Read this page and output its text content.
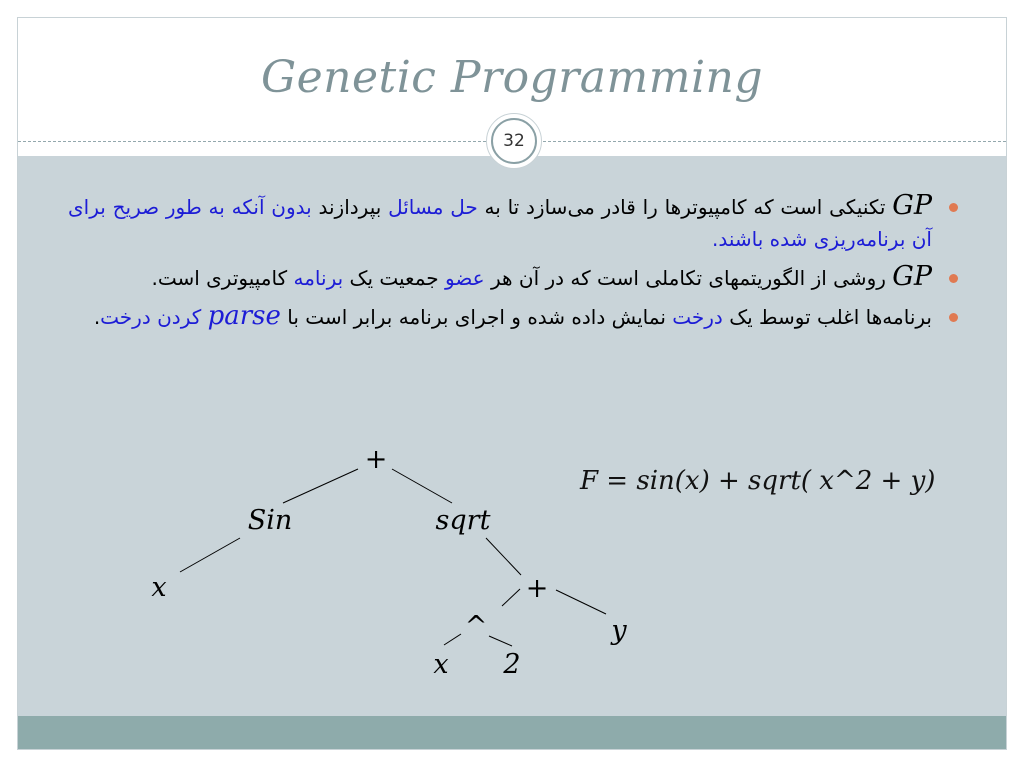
Genetic Programming
32

GP تکنیکی است که کامپیوترها را قادر می‌سازد تا به حل مسائل بپردازند بدون آنکه به طور صریح برای آن برنامه‌ریزی شده باشند.

GP روشی از الگوریتمهای تکاملی است که در آن هر عضو جمعیت یک برنامه کامپیوتری است.

برنامه‌ها اغلب توسط یک درخت نمایش داده شده و اجرای برنامه برابر است با parse کردن درخت.

F = sin(x) + sqrt( x^2 + y)
+
Sin	sqrt
x	+
^	y
x 2
